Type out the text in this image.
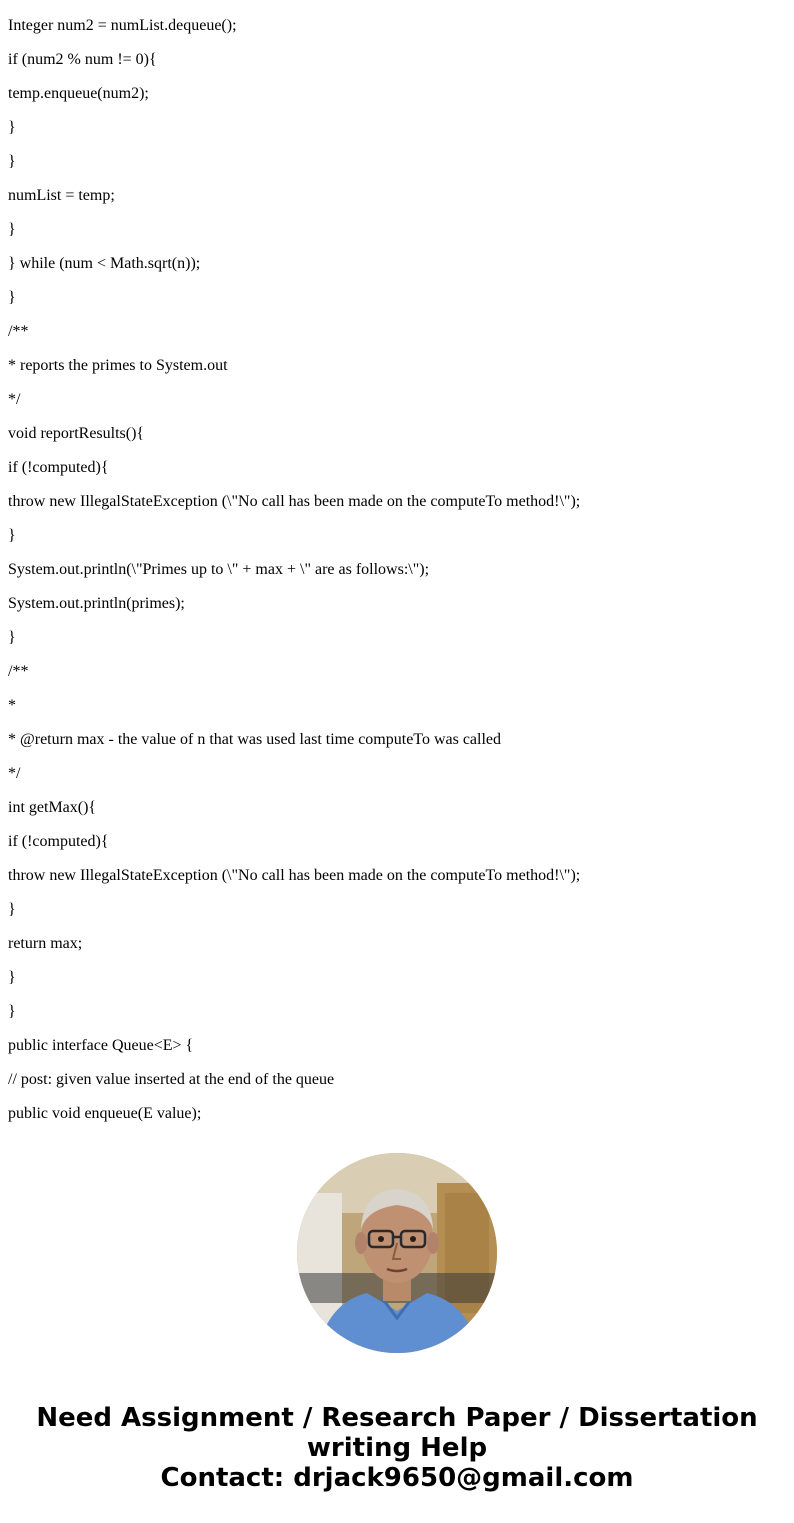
Integer num2 = numList.dequeue();

if (num2 % num != 0){

temp.enqueue(num2);

}

}

numList = temp;

}

} while (num < Math.sqrt(n));

}

/**

* reports the primes to System.out

*/

void reportResults(){

if (!computed){

throw new IllegalStateException (\"No call has been made on the computeTo method!\");

}

System.out.println(\"Primes up to \" + max + \" are as follows:\");

System.out.println(primes);

}

/**

*

* @return max - the value of n that was used last time computeTo was called

*/

int getMax(){

if (!computed){

throw new IllegalStateException (\"No call has been made on the computeTo method!\");

}

return max;

}

}

public interface Queue<E> {

// post: given value inserted at the end of the queue

public void enqueue(E value);

Need Assignment / Research Paper / Dissertation
writing Help
Contact: drjack9650@gmail.com
